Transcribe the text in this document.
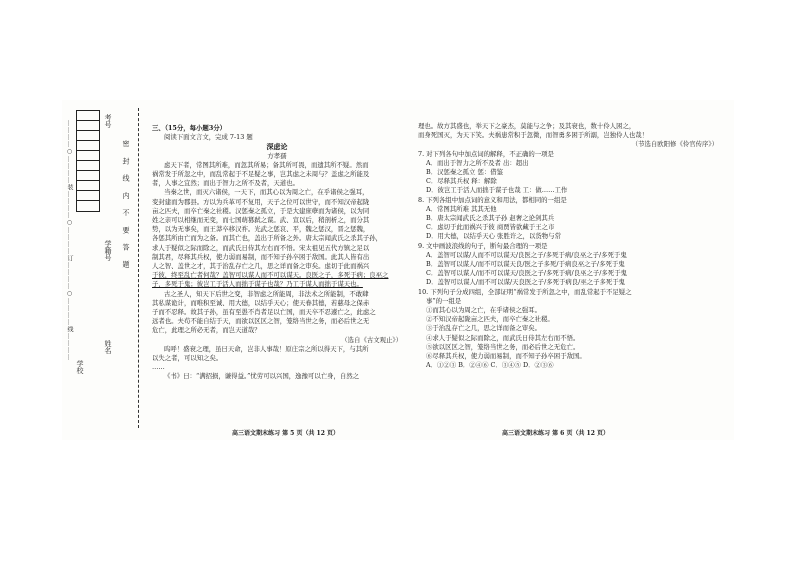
考号
学籍号
姓名
学校
密 封 线 内 不 要 答 题
…………○…………装…………○…………订…………○…………线…………	三、（15分，每小题3分）

阅读下面文言文，完成 7-13 题

深虑论

方孝孺

虑天下者，常图其所难，而忽其所易；备其所可畏，而遗其所不疑。然而

祸常发于所忽之中，而乱常起于不足疑之事，岂其虑之未周与？盖虑之所能及

者，人事之宜然；而出于智力之所不及者，天道也。

当秦之世，而灭六诸侯，一天下，而其心以为周之亡，在乎诸侯之强耳，

变封建而为郡县。方以为兵革可不复用，天子之位可以世守，而不知汉帝起陇

亩之匹夫，而卒亡秦之社稷。汉惩秦之孤立，于是大建庶孽而为诸侯，以为同

姓之亲可以相继而无变，而七国萌篡弑之谋。武、宣以后，稍剖析之，而分其

势，以为无事矣，而王莽卒移汉祚。光武之惩哀、平，魏之惩汉，晋之惩魏，

各惩其所由亡而为之备。而其亡也，盖出于所备之外。唐太宗闻武氏之杀其子孙，

求人于疑似之际而除之，而武氏日侍其左右而不悟。宋太祖见五代方镇之足以

制其君，尽释其兵权，使力弱而易制，而不知子孙卒困于敌国。此其人皆有出

人之智、盖世之才，其于治乱存亡之几，思之详而备之审矣。虑切于此而祸兴

于彼，终至乱亡者何哉？盖智可以谋人而不可以谋天。良医之子，多死于病；良巫之

子，多死于鬼；彼岂工于活人而拙于谋子也哉？乃工于谋人而拙于谋天也。

古之圣人，知天下后世之变，非智虑之所能周，非法术之所能制，不敢肆

其私谋诡计，而唯积至诚、用大德，以结乎天心；使天眷其德，若慈母之保赤

子而不忍释。故其子孙，虽有至愚不肖者足以亡国，而天卒不忍遽亡之，此虑之

远者也。夫苟不能自结于天，而欲以区区之智，笼络当世之务，而必后世之无

危亡，此理之所必无者，而岂天道哉？

（选自《古文观止》）

呜呼！盛衰之理，虽曰天命，岂非人事哉！原庄宗之所以得天下，与其所

以失之者，可以知之矣。

……

《书》曰：“满招损，谦得益。”忧劳可以兴国，逸豫可以亡身，自然之

高三语文期末练习 第 5 页（共 12 页）

理也。故方其盛也，举天下之豪杰，莫能与之争；及其衰也，数十伶人困之，

而身死国灭，为天下笑。夫祸患常积于忽微，而智勇多困于所溺，岂独伶人也哉！

（节选自欧阳修《伶官传序》）

7. 对下列各句中加点词的解释，不正确的一项是

A．而出于智力之所不及者 出：超出

B．汉惩秦之孤立 惩：借鉴

C．尽释其兵权 释：解除

D．彼岂工于活人而拙于谋子也哉 工：做……工作

8. 下列各组中加点词的意义和用法，都相同的一组是

A．常图其所难 其其无他

B．唐太宗闻武氏之杀其子孙 赵奢之论剑其兵

C．虑切于此而祸兴于彼 商贾皆欲藏于王之市

D．用大德，以结乎天心 张胜许之，以货物与常

9. 文中画波浪线的句子，断句最合理的一项是

A．盖智可以谋/人而不可以谋天/良医之子/多死于病/良巫之子/多死于鬼

B．盖智可以谋人/而不可以谋天良/医之子多死/于病良巫之子/多死于鬼

C．盖智可以谋人/而不可以谋天/良医之子/多死于病/良巫之子/多死于鬼

D．盖智可以谋人/而不可以谋/天良医之子/多死于病良/巫之子多死于鬼

10. 下列句子分成四组，全部证明“祸常发于所忽之中，而乱常起于不足疑之

事”的一组是

①而其心以为周之亡，在乎诸侯之强耳。

②不知汉帝起陇亩之匹夫，而卒亡秦之社稷。

③于治乱存亡之几，思之详而备之审矣。

④求人于疑似之际而除之，而武氏日侍其左右而不悟。

⑤欲以区区之智，笼络当世之务，而必后世之无危亡。

⑥尽释其兵权，使力弱而易制，而不知子孙卒困于敌国。

A．①②③ B．②④⑥ C．③④⑤ D．②③⑥

高三语文期末练习 第 6 页（共 12 页）
